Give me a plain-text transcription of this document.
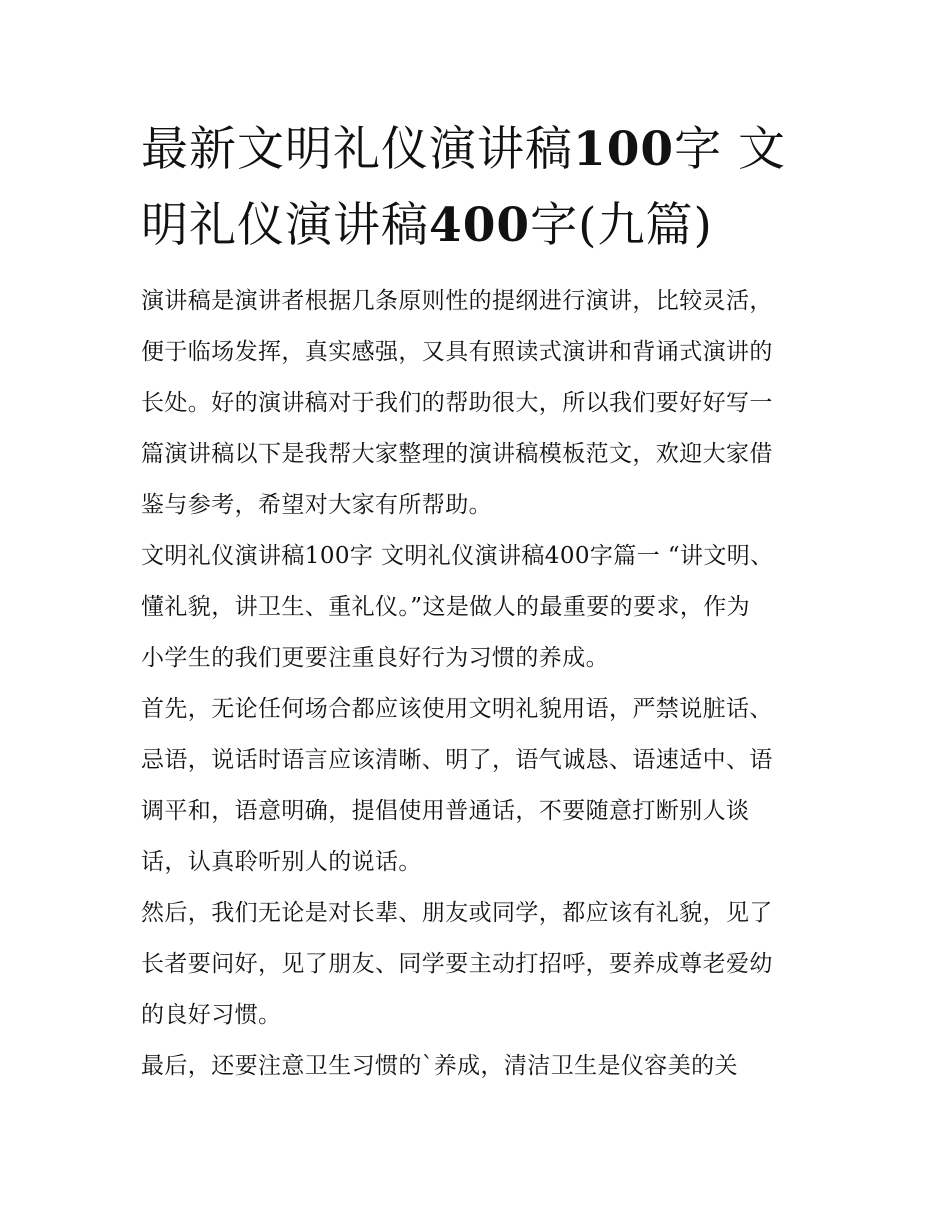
最新文明礼仪演讲稿100字 文
明礼仪演讲稿400字(九篇)

演讲稿是演讲者根据几条原则性的提纲进行演讲，比较灵活，
便于临场发挥，真实感强，又具有照读式演讲和背诵式演讲的
长处。好的演讲稿对于我们的帮助很大，所以我们要好好写一
篇演讲稿以下是我帮大家整理的演讲稿模板范文，欢迎大家借
鉴与参考，希望对大家有所帮助。

文明礼仪演讲稿100字 文明礼仪演讲稿400字篇一 “讲文明、
懂礼貌，讲卫生、重礼仪。”这是做人的最重要的要求，作为
小学生的我们更要注重良好行为习惯的养成。

首先，无论任何场合都应该使用文明礼貌用语，严禁说脏话、
忌语，说话时语言应该清晰、明了，语气诚恳、语速适中、语
调平和，语意明确，提倡使用普通话，不要随意打断别人谈
话，认真聆听别人的说话。

然后，我们无论是对长辈、朋友或同学，都应该有礼貌，见了
长者要问好，见了朋友、同学要主动打招呼，要养成尊老爱幼
的良好习惯。

最后，还要注意卫生习惯的`养成，清洁卫生是仪容美的关
